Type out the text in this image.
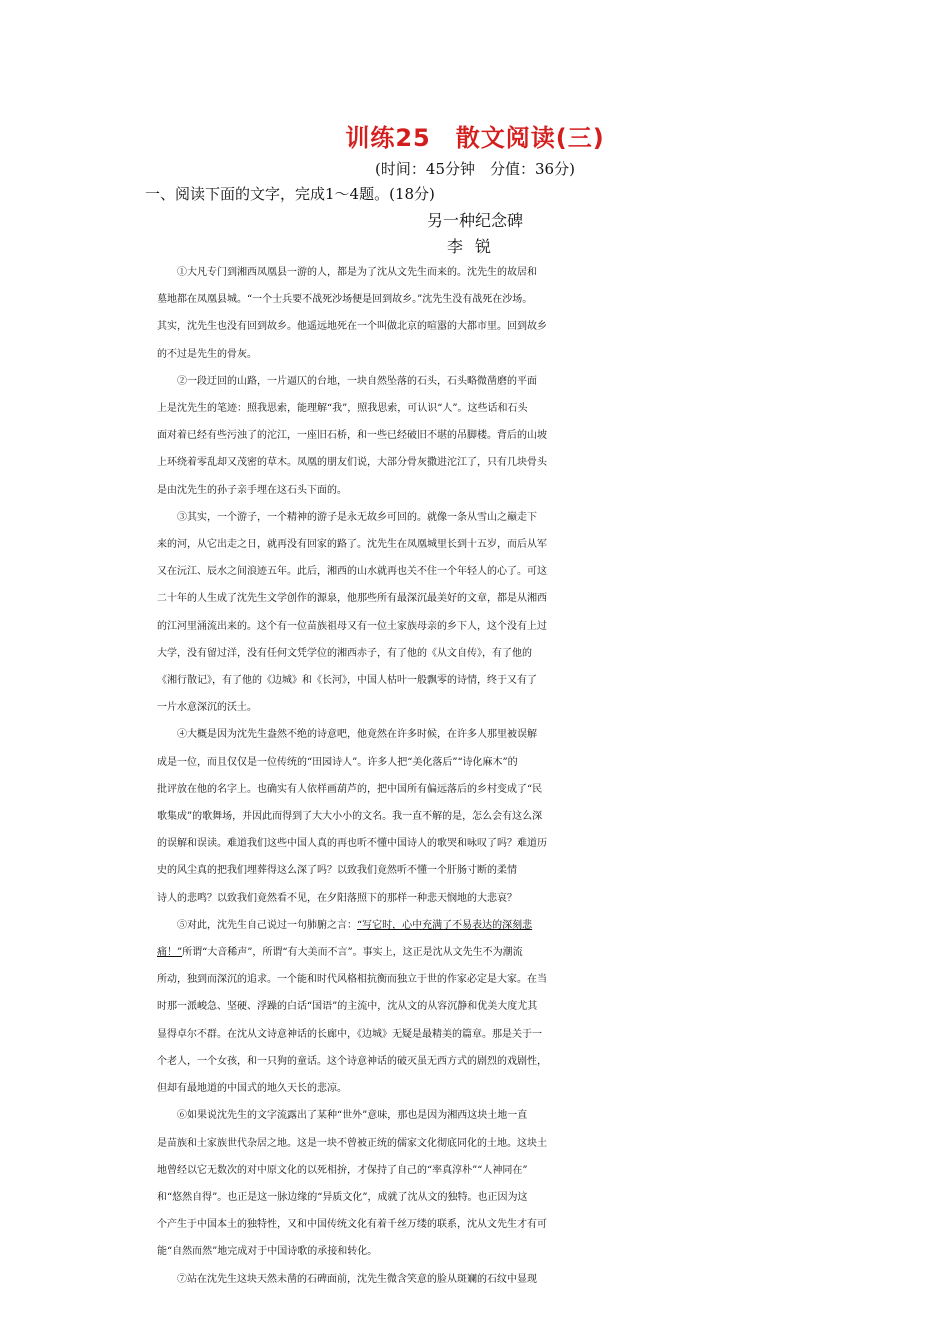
训练25　散文阅读(三)
(时间：45分钟　分值：36分)
一、阅读下面的文字，完成1～4题。(18分)
另一种纪念碑
李锐
①大凡专门到湘西凤凰县一游的人，都是为了沈从文先生而来的。沈先生的故居和
墓地都在凤凰县城。“一个士兵要不战死沙场便是回到故乡。”沈先生没有战死在沙场。
其实，沈先生也没有回到故乡。他遥远地死在一个叫做北京的喧嚣的大都市里。回到故乡
的不过是先生的骨灰。
②一段迂回的山路，一片逼仄的台地，一块自然坠落的石头，石头略微凿磨的平面
上是沈先生的笔迹：照我思索，能理解“我”，照我思索，可认识“人”。这些话和石头
面对着已经有些污浊了的沱江，一座旧石桥，和一些已经破旧不堪的吊脚楼。背后的山坡
上环绕着零乱却又茂密的草木。凤凰的朋友们说，大部分骨灰撒进沱江了，只有几块骨头
是由沈先生的孙子亲手埋在这石头下面的。
③其实，一个游子，一个精神的游子是永无故乡可回的。就像一条从雪山之巅走下
来的河，从它出走之日，就再没有回家的路了。沈先生在凤凰城里长到十五岁，而后从军
又在沅江、辰水之间浪迹五年。此后，湘西的山水就再也关不住一个年轻人的心了。可这
二十年的人生成了沈先生文学创作的源泉，他那些所有最深沉最美好的文章，都是从湘西
的江河里涌流出来的。这个有一位苗族祖母又有一位土家族母亲的乡下人，这个没有上过
大学，没有留过洋，没有任何文凭学位的湘西赤子，有了他的《从文自传》，有了他的
《湘行散记》，有了他的《边城》和《长河》，中国人枯叶一般飘零的诗情，终于又有了
一片水意深沉的沃土。
④大概是因为沈先生盎然不绝的诗意吧，他竟然在许多时候，在许多人那里被误解
成是一位，而且仅仅是一位传统的“田园诗人”。许多人把“美化落后”“诗化麻木”的
批评放在他的名字上。也确实有人依样画葫芦的，把中国所有偏远落后的乡村变成了“民
歌集成”的歌舞场，并因此而得到了大大小小的文名。我一直不解的是，怎么会有这么深
的误解和误读。难道我们这些中国人真的再也听不懂中国诗人的歌哭和咏叹了吗？难道历
史的风尘真的把我们埋葬得这么深了吗？以致我们竟然听不懂一个肝肠寸断的柔情
诗人的悲鸣？以致我们竟然看不见，在夕阳落照下的那样一种悲天悯地的大悲哀？
⑤对此，沈先生自己说过一句肺腑之言：“写它时，心中充满了不易表达的深刻悲
痛！”所谓“大音稀声”，所谓“有大美而不言”。事实上，这正是沈从文先生不为潮流
所动，独到而深沉的追求。一个能和时代风格相抗衡而独立于世的作家必定是大家。在当
时那一派峻急、坚硬、浮躁的白话“国语”的主流中，沈从文的从容沉静和优美大度尤其
显得卓尔不群。在沈从文诗意神话的长廊中，《边城》无疑是最精美的篇章。那是关于一
个老人，一个女孩，和一只狗的童话。这个诗意神话的破灭虽无西方式的剧烈的戏剧性，
但却有最地道的中国式的地久天长的悲凉。
⑥如果说沈先生的文字流露出了某种“世外”意味，那也是因为湘西这块土地一直
是苗族和土家族世代杂居之地。这是一块不曾被正统的儒家文化彻底同化的土地。这块土
地曾经以它无数次的对中原文化的以死相拚，才保持了自己的“率真淳朴”“人神同在”
和“悠然自得”。也正是这一脉边缘的“异质文化”，成就了沈从文的独特。也正因为这
个产生于中国本土的独特性，又和中国传统文化有着千丝万缕的联系，沈从文先生才有可
能“自然而然”地完成对于中国诗歌的承接和转化。
⑦站在沈先生这块天然未凿的石碑面前，沈先生微含笑意的脸从斑斓的石纹中显现
